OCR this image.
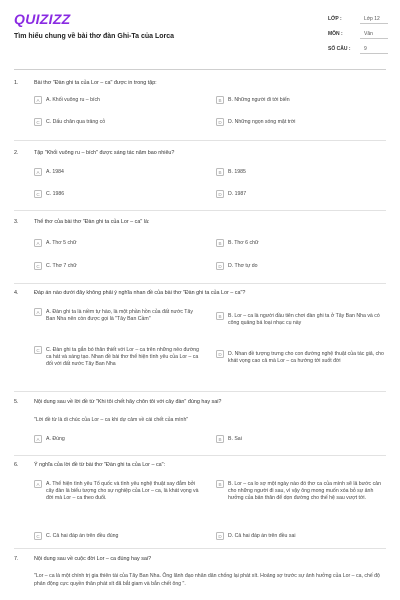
QUIZIZZ
Tìm hiểu chung về bài thơ đàn Ghi-Ta của Lorca
LỚP :	Lớp 12
MÔN :	Văn
SỐ CÂU :	9
1.	Bài thơ "Đàn ghi ta của Lor – ca" được in trong tập:
A	A. Khối vuông ru – bích	B	B. Những người đi tới biển
C	C. Dấu chân qua trảng cỏ	D	D. Những ngọn sóng mặt trời
2.	Tập "Khối vuông ru – bích" được sáng tác năm bao nhiêu?
A	A. 1984	B	B. 1985
C	C. 1986	D	D. 1987
3.	Thể thơ của bài thơ "Đàn ghi ta của Lor – ca" là:
A	A. Thơ 5 chữ	B	B. Thơ 6 chữ
C	C. Thơ 7 chữ	D	D. Thơ tự do
4.	Đáp án nào dưới đây không phải ý nghĩa nhan đề của bài thơ "Đàn ghi ta của Lor – ca"?
A	A. Đàn ghi ta là niềm tự hào, là một phần hồn của đất nước Tây Ban Nha nên còn được gọi là "Tây Ban Cầm"	B	B. Lor – ca là người đầu tiên chơi đàn ghi ta ở Tây Ban Nha và có công quảng bá loại nhạc cụ này
C	C. Đàn ghi ta gắn bó thân thiết với Lor – ca trên những nẻo đường ca hát và sáng tạo. Nhan đề bài thơ thể hiện tình yêu của Lor – ca đối với đất nước Tây Ban Nha
D	D. Nhan đề tượng trưng cho con đường nghệ thuật của tác giả, cho khát vọng cao cả mà Lor – ca hướng tới suốt đời
5.	Nội dung sau về lời đề từ "Khi tôi chết hãy chôn tôi với cây đàn" đúng hay sai?
A	A. Đúng	B	B. Sai
"Lời đề từ là di chúc của Lor – ca khi dự cảm về cái chết của mình"
6.	Ý nghĩa của lời đề từ bài thơ "Đàn ghi ta của Lor – ca":
A	A. Thể hiện tình yêu Tổ quốc và tình yêu nghệ thuật say đắm bởi cây đàn là biểu tượng cho sự nghiệp của Lor – ca, là khát vọng và đời mà Lor – ca theo đuổi.
B	B. Lor – ca lo sợ một ngày nào đó thơ ca của mình sẽ lả bước cản cho những người đi sau, vì vậy ông mong muốn xóa bỏ sự ảnh hưởng của bản thân để dọn đường cho thế hệ sau vượt tới.
C	C. Cả hai đáp án trên đều đúng	D	D. Cả hai đáp án trên đều sai
7.	Nội dung sau về cuộc đời Lor – ca đúng hay sai?
"Lor – ca là một chính trị gia thiên tài của Tây Ban Nha. Ông lãnh đạo nhân dân chống lại phát xít. Hoảng sợ trước sự ảnh hưởng của Lor – ca, chế độ phản động cực quyền thân phát xít đã bắt giam và bắn chết ông ".
